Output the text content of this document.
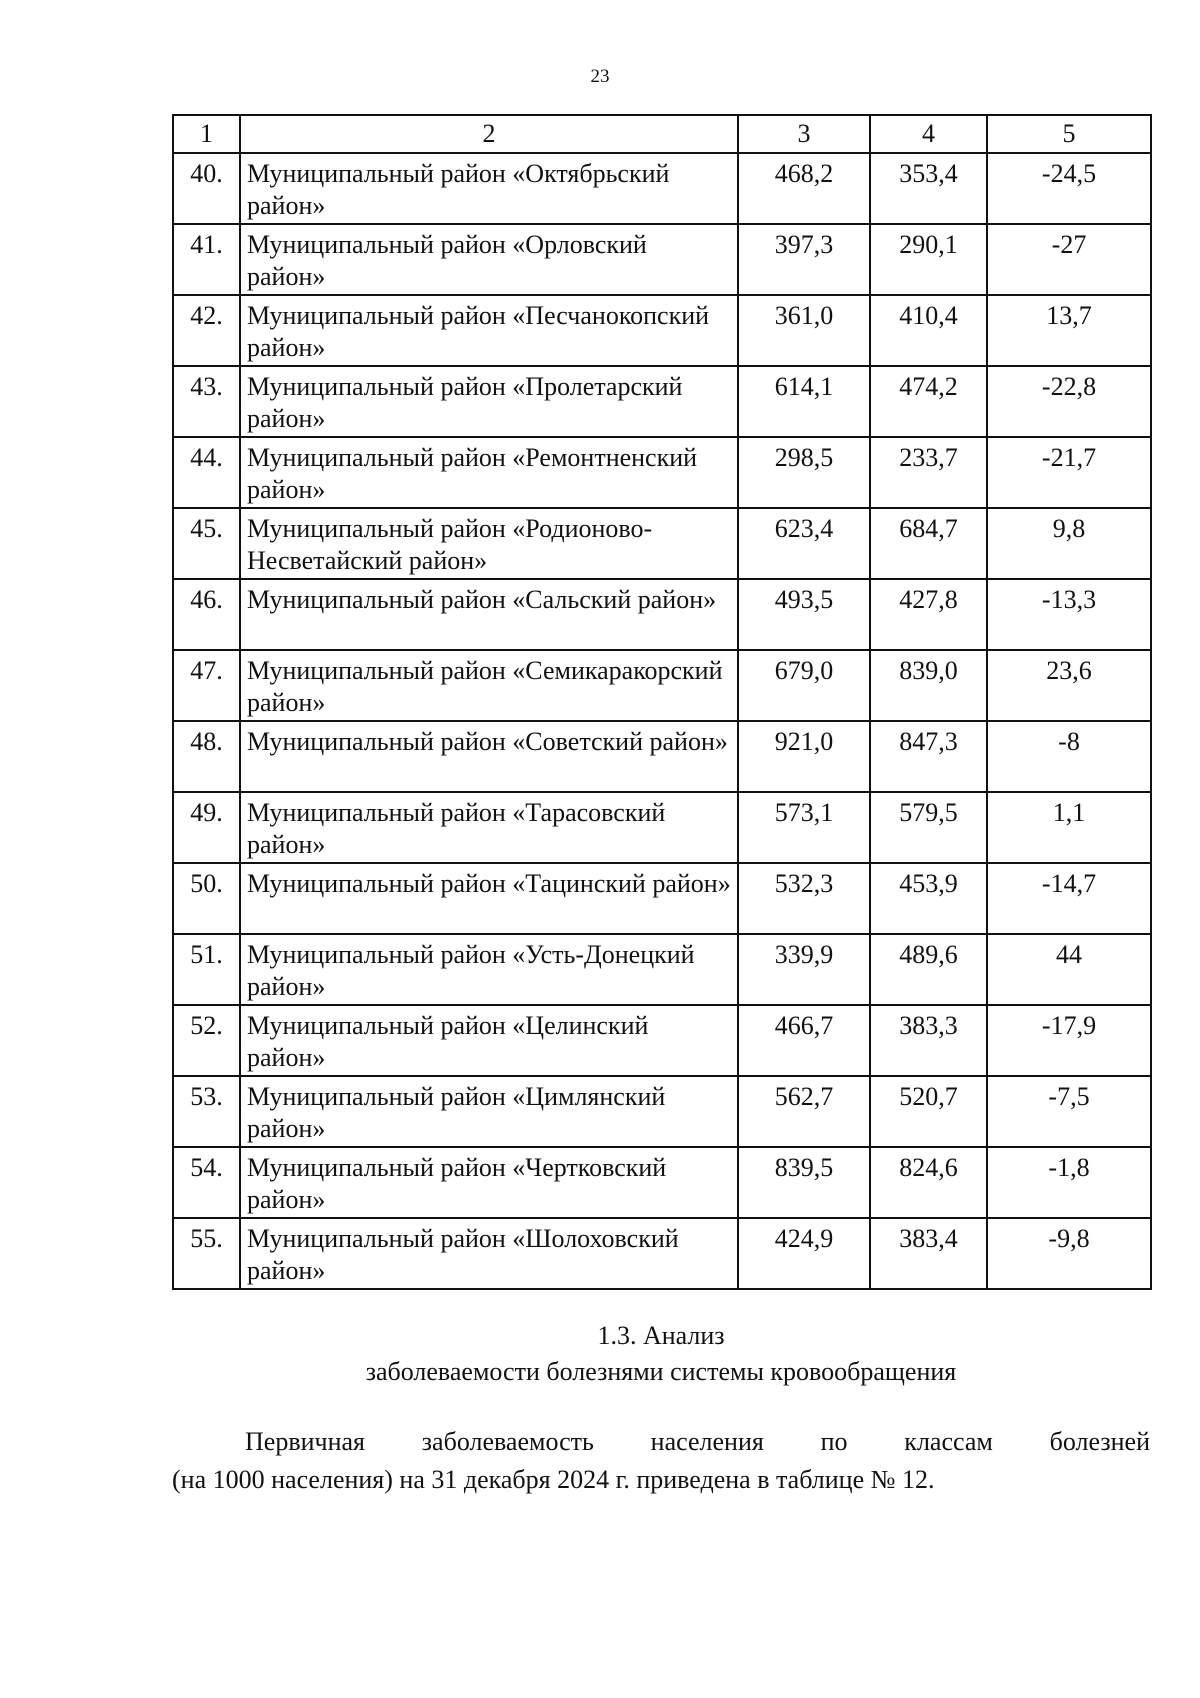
23
1	2	3	4	5
40.	Муниципальный район «Октябрьский район»	468,2	353,4	-24,5
41.	Муниципальный район «Орловский район»	397,3	290,1	-27
42.	Муниципальный район «Песчанокопский район»	361,0	410,4	13,7
43.	Муниципальный район «Пролетарский район»	614,1	474,2	-22,8
44.	Муниципальный район «Ремонтненский район»	298,5	233,7	-21,7
45.	Муниципальный район «Родионово-Несветайский район»	623,4	684,7	9,8
46.	Муниципальный район «Сальский район»	493,5	427,8	-13,3
47.	Муниципальный район «Семикаракорский район»	679,0	839,0	23,6
48.	Муниципальный район «Советский район»	921,0	847,3	-8
49.	Муниципальный район «Тарасовский район»	573,1	579,5	1,1
50.	Муниципальный район «Тацинский район»	532,3	453,9	-14,7
51.	Муниципальный район «Усть-Донецкий район»	339,9	489,6	44
52.	Муниципальный район «Целинский район»	466,7	383,3	-17,9
53.	Муниципальный район «Цимлянский район»	562,7	520,7	-7,5
54.	Муниципальный район «Чертковский район»	839,5	824,6	-1,8
55.	Муниципальный район «Шолоховский район»	424,9	383,4	-9,8
1.3. Анализ
заболеваемости болезнями системы кровообращения
Первичная заболеваемость населения по классам болезней
(на 1000 населения) на 31 декабря 2024 г. приведена в таблице № 12.
